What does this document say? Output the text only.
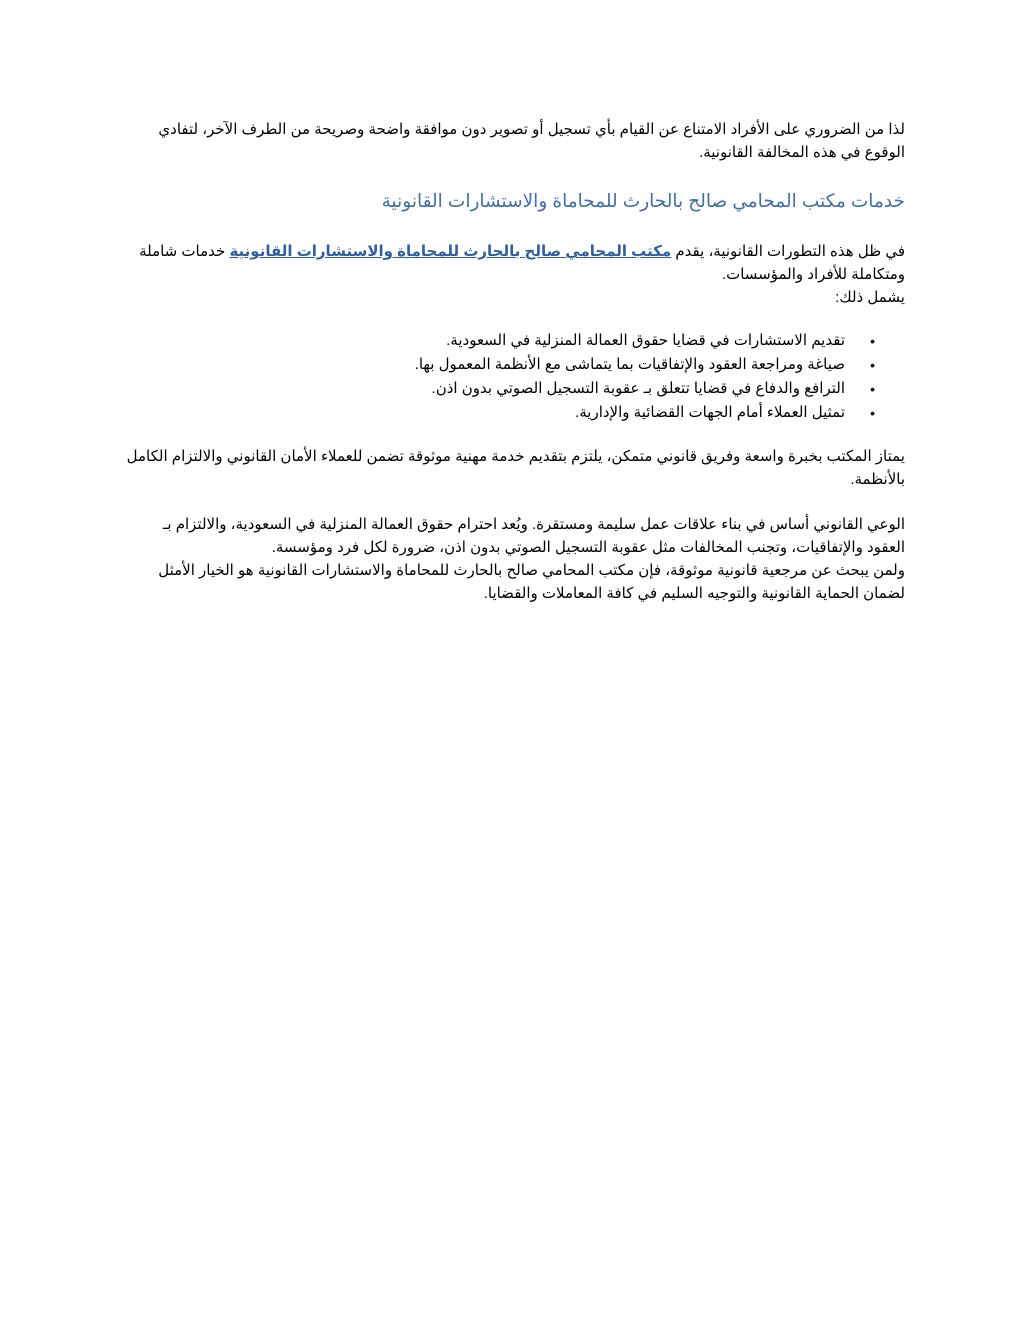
لذا من الضروري على الأفراد الامتناع عن القيام بأي تسجيل أو تصوير دون موافقة واضحة وصريحة من الطرف الآخر، لتفادي الوقوع في هذه المخالفة القانونية.

خدمات مكتب المحامي صالح بالحارث للمحاماة والاستشارات القانونية

في ظل هذه التطورات القانونية، يقدم مكتب المحامي صالح بالحارث للمحاماة والاستشارات القانونية خدمات شاملة ومتكاملة للأفراد والمؤسسات.
يشمل ذلك:

•
تقديم الاستشارات في قضايا حقوق العمالة المنزلية في السعودية.
•
صياغة ومراجعة العقود والإتفاقيات بما يتماشى مع الأنظمة المعمول بها.
•
الترافع والدفاع في قضايا تتعلق بـ عقوبة التسجيل الصوتي بدون اذن.
•
تمثيل العملاء أمام الجهات القضائية والإدارية.

يمتاز المكتب بخبرة واسعة وفريق قانوني متمكن، يلتزم بتقديم خدمة مهنية موثوقة تضمن للعملاء الأمان القانوني والالتزام الكامل بالأنظمة.

الوعي القانوني أساس في بناء علاقات عمل سليمة ومستقرة. ويُعد احترام حقوق العمالة المنزلية في السعودية، والالتزام بـ العقود والإتفاقيات، وتجنب المخالفات مثل عقوبة التسجيل الصوتي بدون اذن، ضرورة لكل فرد ومؤسسة.

ولمن يبحث عن مرجعية قانونية موثوقة، فإن مكتب المحامي صالح بالحارث للمحاماة والاستشارات القانونية هو الخيار الأمثل لضمان الحماية القانونية والتوجيه السليم في كافة المعاملات والقضايا.
